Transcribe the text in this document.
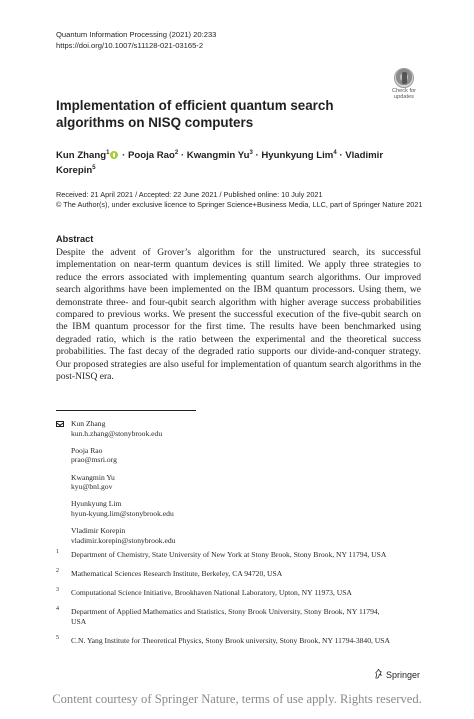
Quantum Information Processing (2021) 20:233
https://doi.org/10.1007/s11128-021-03165-2
Check for
updates
Implementation of efficient quantum search algorithms on NISQ computers
Kun Zhang$^1$ · Pooja Rao$^2$ · Kwangmin $Yu^3$ · Hyunkyung Lim$^4$ · Vladimir Korepin$^5$
Received: 21 April 2021 / Accepted: 22 June 2021 / Published online: 10 July 2021
© The Author(s), under exclusive licence to Springer Science+Business Media, LLC, part of Springer Nature 2021
Abstract
Despite the advent of Grover’s algorithm for the unstructured search, its successful implementation on near-term quantum devices is still limited. We apply three strategies to reduce the errors associated with implementing quantum search algorithms. Our improved search algorithms have been implemented on the IBM quantum processors. Using them, we demonstrate three- and four-qubit search algorithm with higher average success probabilities compared to previous works. We present the successful execution of the five-qubit search on the IBM quantum processor for the first time. The results have been benchmarked using degraded ratio, which is the ratio between the experimental and the theoretical success probabilities. The fast decay of the degraded ratio supports our divide-and-conquer strategy. Our proposed strategies are also useful for implementation of quantum search algorithms in the post-NISQ era.
Kun Zhang
kun.h.zhang@stonybrook.edu
Pooja Rao
prao@msri.org
Kwangmin Yu
kyu@bnl.gov
Hyunkyung Lim
hyun-kyung.lim@stonybrook.edu
Vladimir Korepin
vladimir.korepin@stonybrook.edu
1 Department of Chemistry, State University of New York at Stony Brook, Stony Brook, NY 11794, USA
2 Mathematical Sciences Research Institute, Berkeley, CA 94720, USA
3 Computational Science Initiative, Brookhaven National Laboratory, Upton, NY 11973, USA
4 Department of Applied Mathematics and Statistics, Stony Brook University, Stony Brook, NY 11794, USA
5 C.N. Yang Institute for Theoretical Physics, Stony Brook university, Stony Brook, NY 11794-3840, USA
Springer
Content courtesy of Springer Nature, terms of use apply. Rights reserved.
